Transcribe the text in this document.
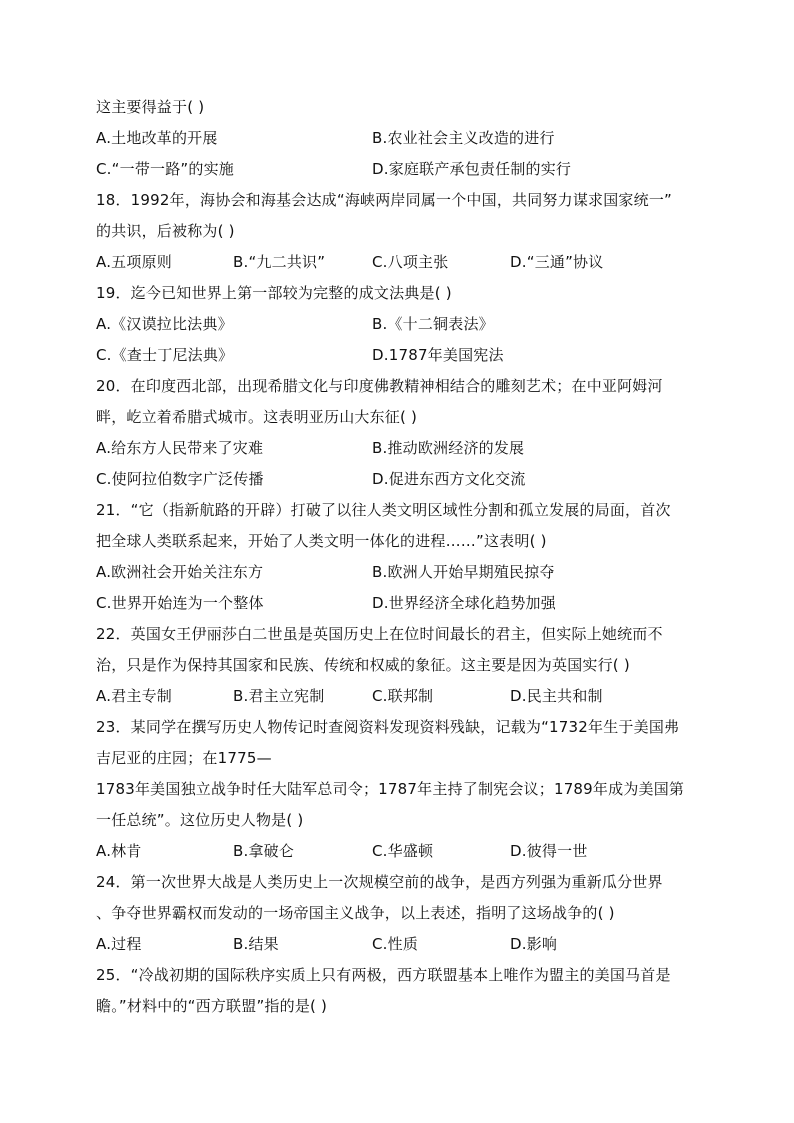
这主要得益于( )
A.土地改革的开展	B.农业社会主义改造的进行
C.“一带一路”的实施	D.家庭联产承包责任制的实行
18．1992年，海协会和海基会达成“海峡两岸同属一个中国，共同努力谋求国家统一”
的共识，后被称为( )
A.五项原则	B.“九二共识”	C.八项主张	D.“三通”协议
19．迄今已知世界上第一部较为完整的成文法典是( )
A.《汉谟拉比法典》	B.《十二铜表法》
C.《查士丁尼法典》	D.1787年美国宪法
20．在印度西北部，出现希腊文化与印度佛教精神相结合的雕刻艺术；在中亚阿姆河
畔，屹立着希腊式城市。这表明亚历山大东征( )
A.给东方人民带来了灾难	B.推动欧洲经济的发展
C.使阿拉伯数字广泛传播	D.促进东西方文化交流
21．“它（指新航路的开辟）打破了以往人类文明区域性分割和孤立发展的局面，首次
把全球人类联系起来，开始了人类文明一体化的进程……”这表明( )
A.欧洲社会开始关注东方	B.欧洲人开始早期殖民掠夺
C.世界开始连为一个整体	D.世界经济全球化趋势加强
22．英国女王伊丽莎白二世虽是英国历史上在位时间最长的君主，但实际上她统而不
治，只是作为保持其国家和民族、传统和权威的象征。这主要是因为英国实行( )
A.君主专制	B.君主立宪制	C.联邦制	D.民主共和制
23．某同学在撰写历史人物传记时查阅资料发现资料残缺，记载为“1732年生于美国弗
吉尼亚的庄园；在1775—
1783年美国独立战争时任大陆军总司令；1787年主持了制宪会议；1789年成为美国第
一任总统”。这位历史人物是( )
A.林肯	B.拿破仑	C.华盛顿	D.彼得一世
24．第一次世界大战是人类历史上一次规模空前的战争，是西方列强为重新瓜分世界
、争夺世界霸权而发动的一场帝国主义战争，以上表述，指明了这场战争的( )
A.过程	B.结果	C.性质	D.影响
25．“冷战初期的国际秩序实质上只有两极，西方联盟基本上唯作为盟主的美国马首是
瞻。”材料中的“西方联盟”指的是( )
